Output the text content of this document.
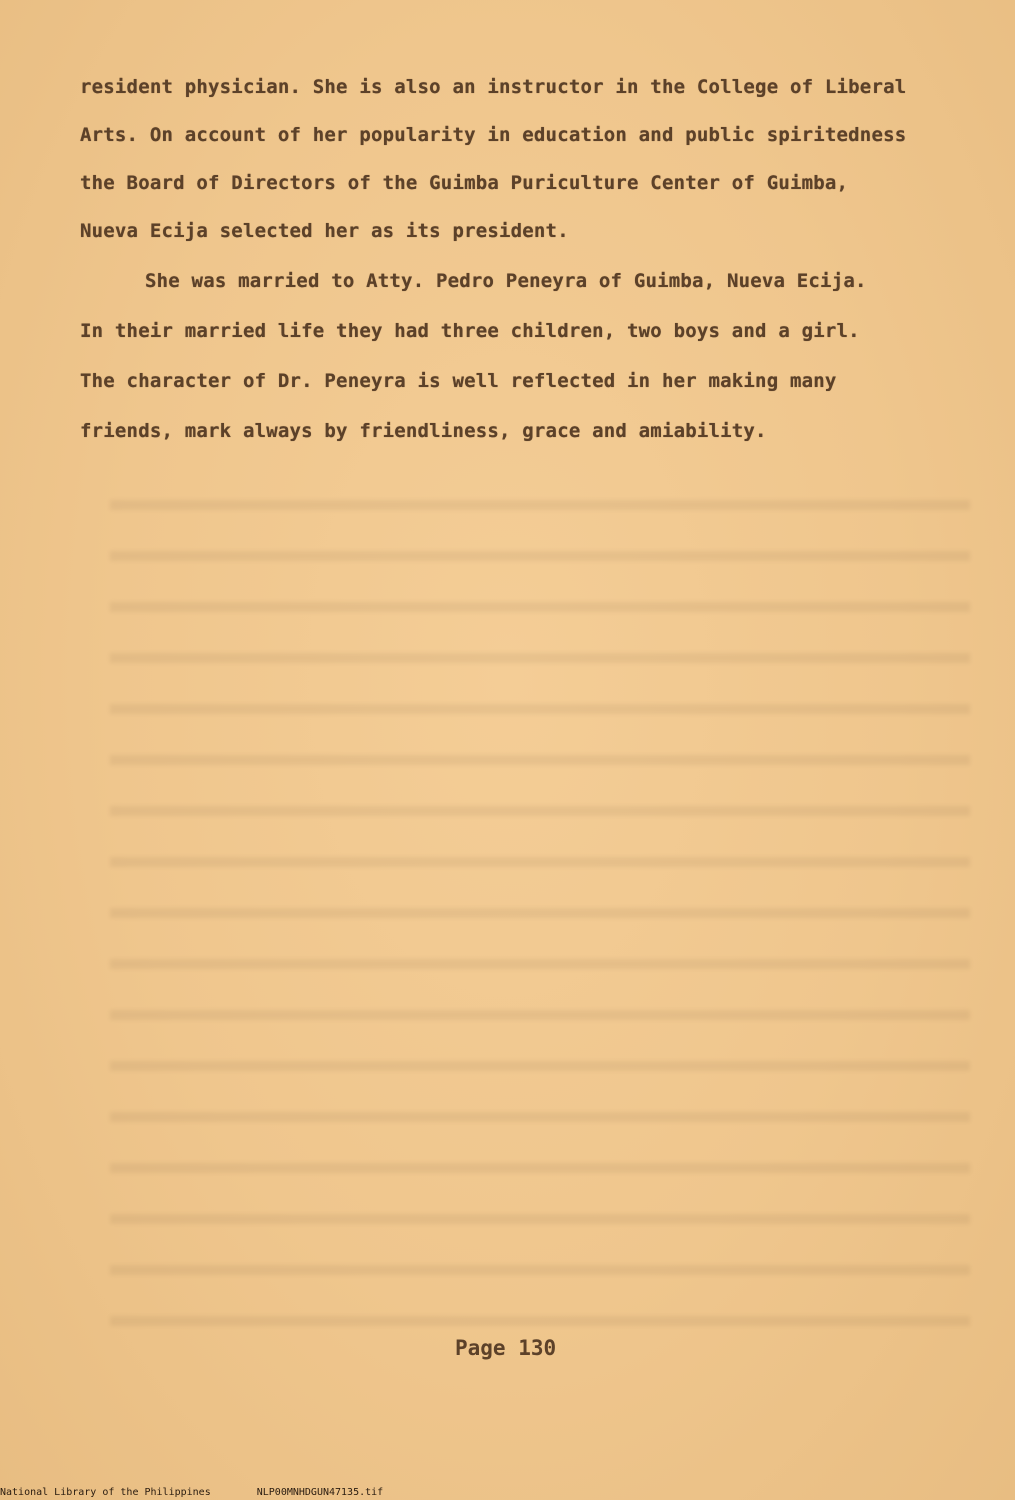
resident physician. She is also an instructor in the College of Liberal
Arts. On account of her popularity in education and public spiritedness
the Board of Directors of the Guimba Puriculture Center of Guimba,
Nueva Ecija selected her as its president.
She was married to Atty. Pedro Peneyra of Guimba, Nueva Ecija.
In their married life they had three children, two boys and a girl.
The character of Dr. Peneyra is well reflected in her making many
friends, mark always by friendliness, grace and amiability.
Page 130
National Library of the Philippines	NLP00MNHDGUN47135.tif
